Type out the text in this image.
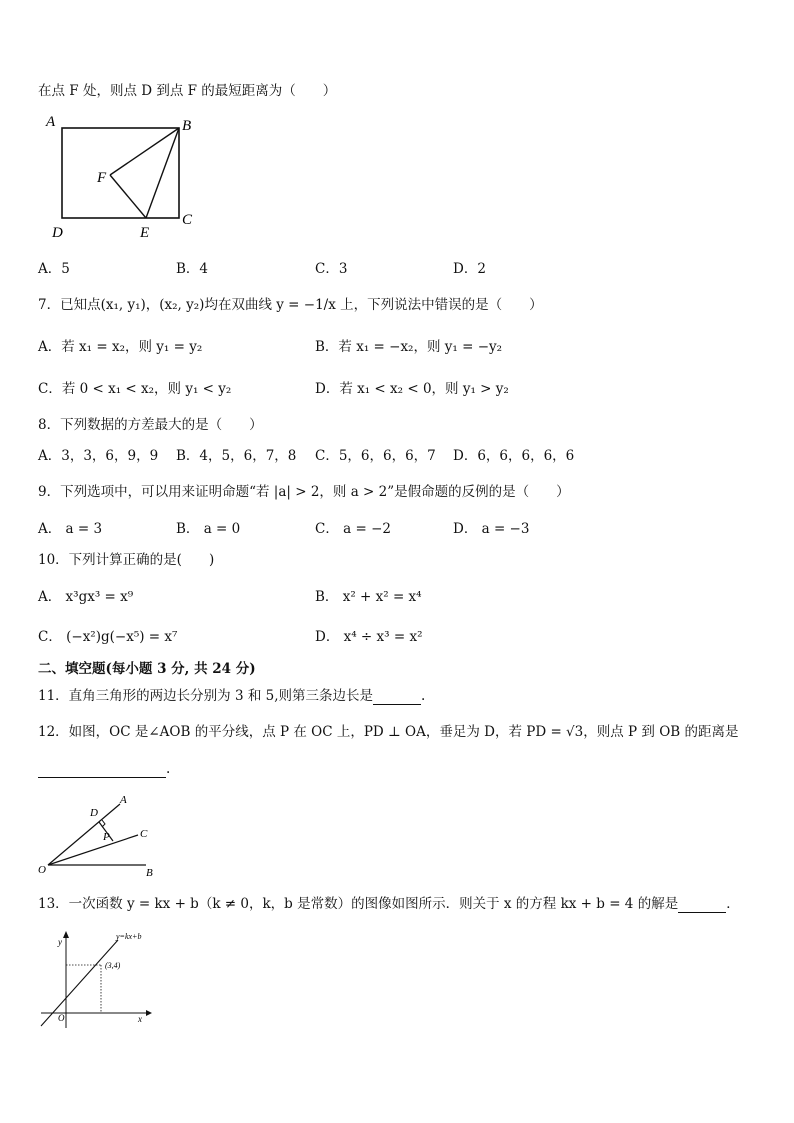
在点 F 处，则点 D 到点 F 的最短距离为（　　）
A	B
C
D	E
F
A．5	B．4	C．3	D．2
7．已知点(x₁, y₁)，(x₂, y₂)均在双曲线 y = −1/x 上，下列说法中错误的是（　　）
A．若 x₁ = x₂，则 y₁ = y₂	B．若 x₁ = −x₂，则 y₁ = −y₂
C．若 0 < x₁ < x₂，则 y₁ < y₂	D．若 x₁ < x₂ < 0，则 y₁ > y₂
8．下列数据的方差最大的是（　　）
A．3，3，6，9，9 B．4，5，6，7，8 C．5，6，6，6，7 D．6，6，6，6，6
9．下列选项中，可以用来证明命题“若 |a| > 2，则 a > 2”是假命题的反例的是（　　）
A． a = 3	B． a = 0	C． a = −2	D． a = −3
10．下列计算正确的是(　　)
A． x³gx³ = x⁹	B． x² + x² = x⁴
C． (−x²)g(−x⁵) = x⁷	D． x⁴ ÷ x³ = x²
二、填空题(每小题 3 分, 共 24 分)
11．直角三角形的两边长分别为 3 和 5,则第三条边长是	.
12．如图，OC 是∠AOB 的平分线，点 P 在 OC 上，PD ⊥ OA，垂足为 D，若 PD = √3，则点 P 到 OB 的距离是
.
O
A
B
C
D
P
13．一次函数 y = kx + b（k ≠ 0，k，b 是常数）的图像如图所示．则关于 x 的方程 kx + b = 4 的解是	．
y
x
O
y=kx+b
(3,4)
